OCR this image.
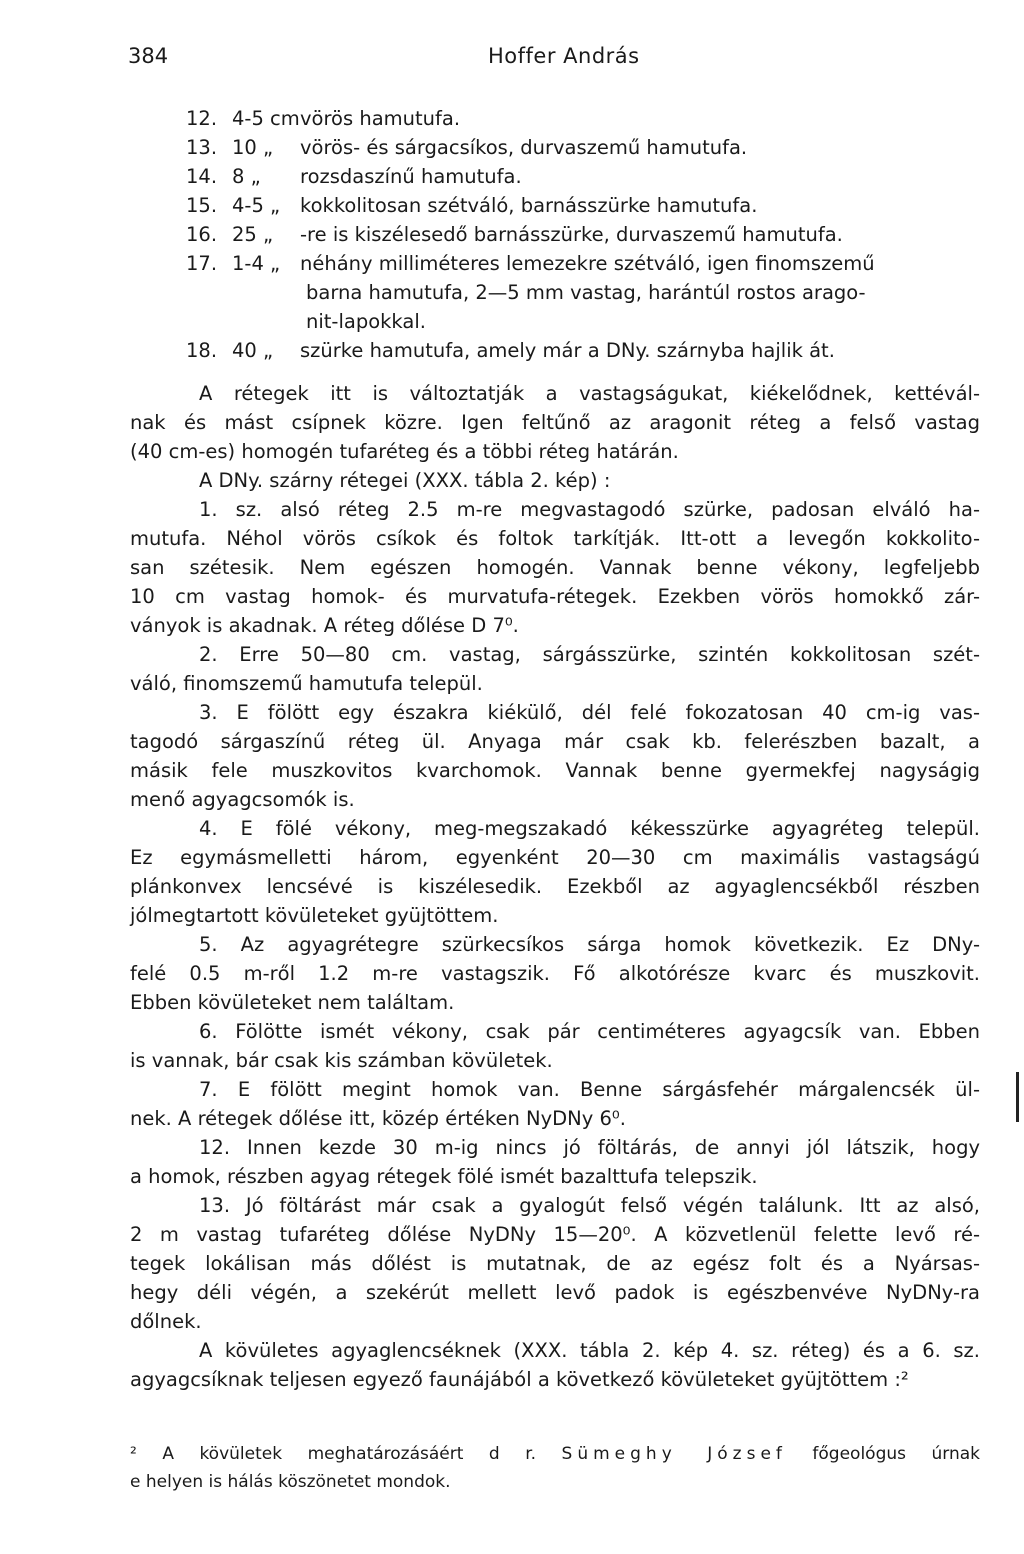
384	Hoffer András
12. 4-5 cmvörös hamutufa.
13. 10 „ vörös- és sárgacsíkos, durvaszemű hamutufa.
14. 8 „ rozsdaszínű hamutufa.
15. 4-5 „ kokkolitosan szétváló, barnásszürke hamutufa.
16. 25 „ -re is kiszélesedő barnásszürke, durvaszemű hamutufa.
17. 1-4 „ néhány milliméteres lemezekre szétváló, igen finomszemű
barna hamutufa, 2—5 mm vastag, harántúl rostos arago-
nit-lapokkal.
18. 40 „ szürke hamutufa, amely már a DNy. szárnyba hajlik át.
A rétegek itt is változtatják a vastagságukat, kiékelődnek, kettévál-
nak és mást csípnek közre. Igen feltűnő az aragonit réteg a felső vastag
(40 cm-es) homogén tufaréteg és a többi réteg határán.
A DNy. szárny rétegei (XXX. tábla 2. kép) :
1. sz. alsó réteg 2.5 m-re megvastagodó szürke, padosan elváló ha-
mutufa. Néhol vörös csíkok és foltok tarkítják. Itt-ott a levegőn kokkolito-
san szétesik. Nem egészen homogén. Vannak benne vékony, legfeljebb
10 cm vastag homok- és murvatufa-rétegek. Ezekben vörös homokkő zár-
ványok is akadnak. A réteg dőlése D 7⁰.
2. Erre 50—80 cm. vastag, sárgásszürke, szintén kokkolitosan szét-
váló, finomszemű hamutufa települ.
3. E fölött egy északra kiékülő, dél felé fokozatosan 40 cm-ig vas-
tagodó sárgaszínű réteg ül. Anyaga már csak kb. felerészben bazalt, a
másik fele muszkovitos kvarchomok. Vannak benne gyermekfej nagyságig
menő agyagcsomók is.
4. E fölé vékony, meg-megszakadó kékesszürke agyagréteg települ.
Ez egymásmelletti három, egyenként 20—30 cm maximális vastagságú
plánkonvex lencsévé is kiszélesedik. Ezekből az agyaglencsékből részben
jólmegtartott kövületeket gyüjtöttem.
5. Az agyagrétegre szürkecsíkos sárga homok következik. Ez DNy-
felé 0.5 m-ről 1.2 m-re vastagszik. Fő alkotórésze kvarc és muszkovit.
Ebben kövületeket nem találtam.
6. Fölötte ismét vékony, csak pár centiméteres agyagcsík van. Ebben
is vannak, bár csak kis számban kövületek.
7. E fölött megint homok van. Benne sárgásfehér márgalencsék ül-
nek. A rétegek dőlése itt, közép értéken NyDNy 6⁰.
12. Innen kezde 30 m-ig nincs jó föltárás, de annyi jól látszik, hogy
a homok, részben agyag rétegek fölé ismét bazalttufa telepszik.
13. Jó föltárást már csak a gyalogút felső végén találunk. Itt az alsó,
2 m vastag tufaréteg dőlése NyDNy 15—20⁰. A közvetlenül felette levő ré-
tegek lokálisan más dőlést is mutatnak, de az egész folt és a Nyársas-
hegy déli végén, a szekérút mellett levő padok is egészbenvéve NyDNy-ra
dőlnek.
A kövületes agyaglencséknek (XXX. tábla 2. kép 4. sz. réteg) és a 6. sz.
agyagcsíknak teljesen egyező faunájából a következő kövületeket gyüjtöttem :²
² A kövületek meghatározásáért d r. Sümeghy József főgeológus úrnak
e helyen is hálás köszönetet mondok.
